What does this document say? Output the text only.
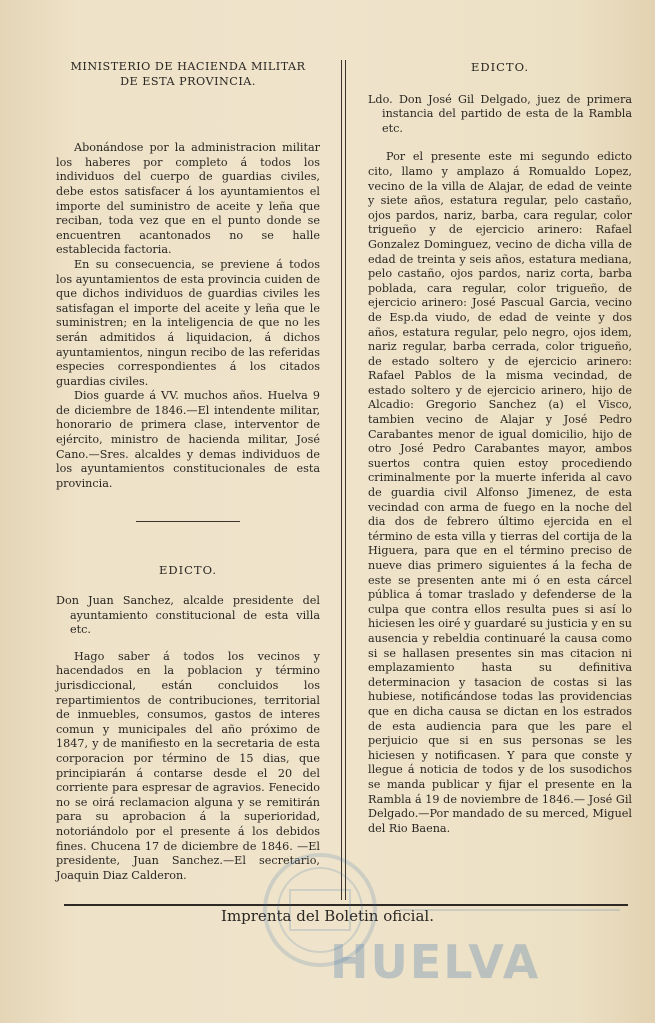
MINISTERIO DE HACIENDA MILITAR
DE ESTA PROVINCIA.

Abonándose por la administracion militar los haberes por completo á todos los individuos del cuerpo de guardias civiles, debe estos satisfacer á los ayuntamientos el importe del suministro de aceite y leña que reciban, toda vez que en el punto donde se encuentren acantonados no se halle establecida factoria.

En su consecuencia, se previene á todos los ayuntamientos de esta provincia cuiden de que dichos individuos de guardias civiles les satisfagan el importe del aceite y leña que le suministren; en la inteligencia de que no les serán admitidos á liquidacion, á dichos ayuntamientos, ningun recibo de las referidas especies correspondientes á los citados guardias civiles.

Dios guarde á VV. muchos años. Huelva 9 de diciembre de 1846.—El intendente militar, honorario de primera clase, interventor de ejército, ministro de hacienda militar, José Cano.—Sres. alcaldes y demas individuos de los ayuntamientos constitucionales de esta provincia.

EDICTO.

Don Juan Sanchez, alcalde presidente del ayuntamiento constitucional de esta villa etc.

Hago saber á todos los vecinos y hacendados en la poblacion y término jurisdiccional, están concluidos los repartimientos de contribuciones, territorial de inmuebles, consumos, gastos de interes comun y municipales del año próximo de 1847, y de manifiesto en la secretaria de esta corporacion por término de 15 dias, que principiarán á contarse desde el 20 del corriente para espresar de agravios. Fenecido no se oirá reclamacion alguna y se remitirán para su aprobacion á la superioridad, notoriándolo por el presente á los debidos fines. Chucena 17 de diciembre de 1846. —El presidente, Juan Sanchez.—El secretario, Joaquin Diaz Calderon.

EDICTO.

Ldo. Don José Gil Delgado, juez de primera instancia del partido de esta de la Rambla etc.

Por el presente este mi segundo edicto cito, llamo y amplazo á Romualdo Lopez, vecino de la villa de Alajar, de edad de veinte y siete años, estatura regular, pelo castaño, ojos pardos, nariz, barba, cara regular, color trigueño y de ejercicio arinero: Rafael Gonzalez Dominguez, vecino de dicha villa de edad de treinta y seis años, estatura mediana, pelo castaño, ojos pardos, nariz corta, barba poblada, cara regular, color trigueño, de ejercicio arinero: José Pascual Garcia, vecino de Esp.da viudo, de edad de veinte y dos años, estatura regular, pelo negro, ojos idem, nariz regular, barba cerrada, color trigueño, de estado soltero y de ejercicio arinero: Rafael Pablos de la misma vecindad, de estado soltero y de ejercicio arinero, hijo de Alcadio: Gregorio Sanchez (a) el Visco, tambien vecino de Alajar y José Pedro Carabantes menor de igual domicilio, hijo de otro José Pedro Carabantes mayor, ambos suertos contra quien estoy procediendo criminalmente por la muerte inferida al cavo de guardia civil Alfonso Jimenez, de esta vecindad con arma de fuego en la noche del dia dos de febrero último ejercida en el término de esta villa y tierras del cortija de la Higuera, para que en el término preciso de nueve dias primero siguientes á la fecha de este se presenten ante mi ó en esta cárcel pública á tomar traslado y defenderse de la culpa que contra ellos resulta pues si así lo hiciesen les oiré y guardaré su justicia y en su ausencia y rebeldia continuaré la causa como si se hallasen presentes sin mas citacion ni emplazamiento hasta su definitiva determinacion y tasacion de costas si las hubiese, notificándose todas las providencias que en dicha causa se dictan en los estrados de esta audiencia para que les pare el perjuicio que si en sus personas se les hiciesen y notificasen. Y para que conste y llegue á noticia de todos y de los susodichos se manda publicar y fijar el presente en la Rambla á 19 de noviembre de 1846.— José Gil Delgado.—Por mandado de su merced, Miguel del Rio Baena.

Imprenta del Boletin oficial.
HUELVA
